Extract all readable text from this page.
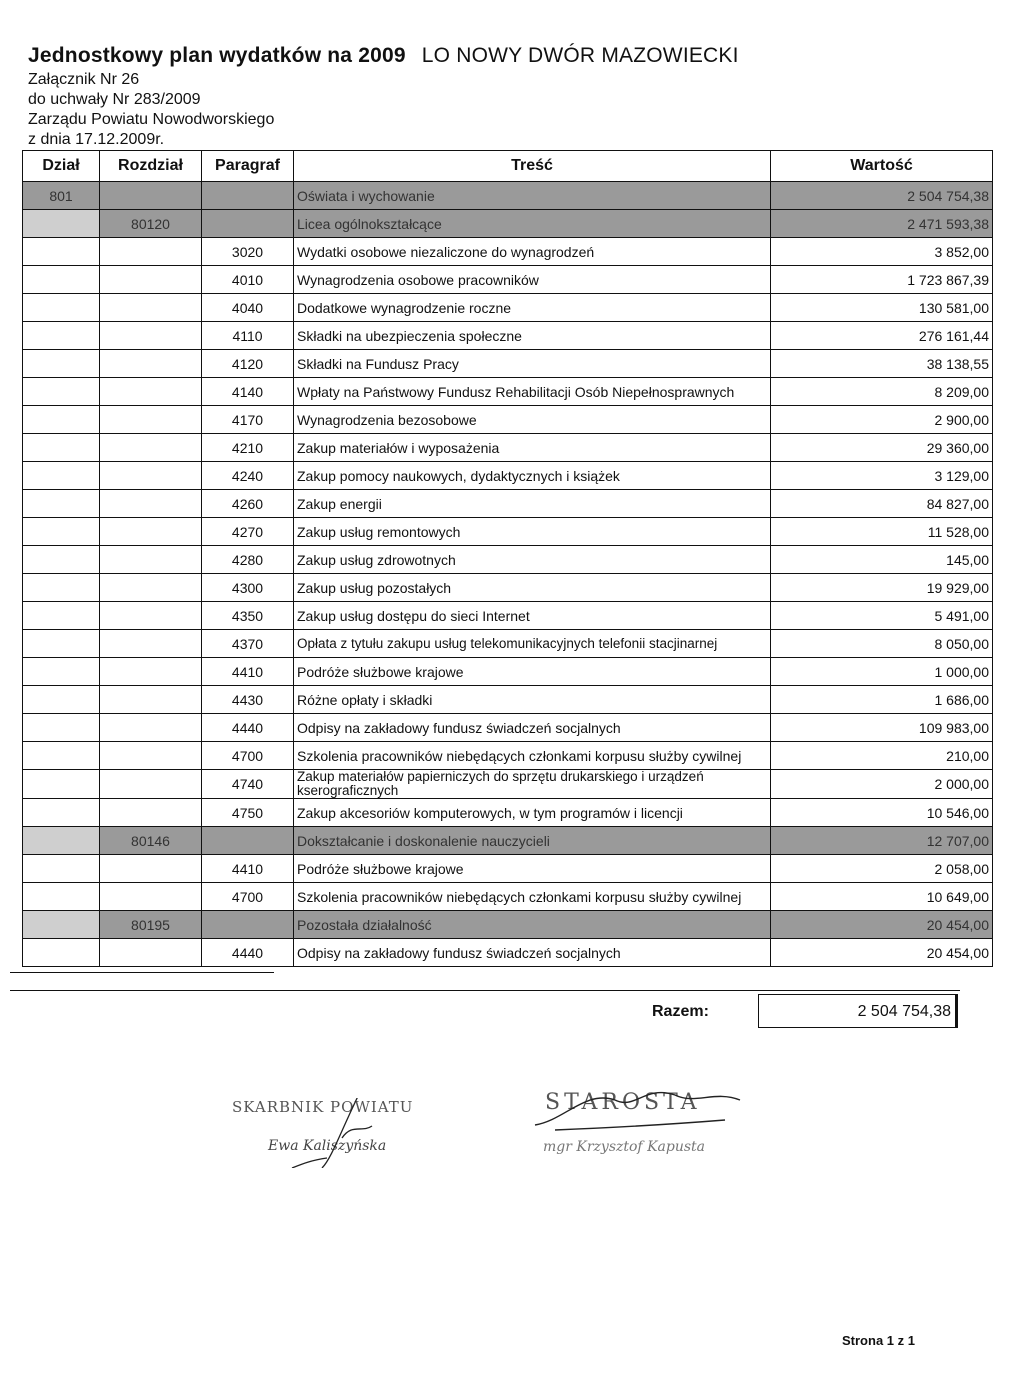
Jednostkowy plan wydatków na 2009 LO NOWY DWÓR MAZOWIECKI
Załącznik Nr 26
do uchwały Nr 283/2009
Zarządu Powiatu Nowodworskiego
z dnia 17.12.2009r.
Dział	Rozdział	Paragraf	Treść	Wartość
801			Oświata i wychowanie	2 504 754,38
	80120		Licea ogólnokształcące	2 471 593,38
		3020	Wydatki osobowe niezaliczone do wynagrodzeń	3 852,00
		4010	Wynagrodzenia osobowe pracowników	1 723 867,39
		4040	Dodatkowe wynagrodzenie roczne	130 581,00
		4110	Składki na ubezpieczenia społeczne	276 161,44
		4120	Składki na Fundusz Pracy	38 138,55
		4140	Wpłaty na Państwowy Fundusz Rehabilitacji Osób Niepełnosprawnych	8 209,00
		4170	Wynagrodzenia bezosobowe	2 900,00
		4210	Zakup materiałów i wyposażenia	29 360,00
		4240	Zakup pomocy naukowych, dydaktycznych i książek	3 129,00
		4260	Zakup energii	84 827,00
		4270	Zakup usług remontowych	11 528,00
		4280	Zakup usług zdrowotnych	145,00
		4300	Zakup usług pozostałych	19 929,00
		4350	Zakup usług dostępu do sieci Internet	5 491,00
		4370	Opłata z tytułu zakupu usług telekomunikacyjnych telefonii stacjinarnej	8 050,00
		4410	Podróże służbowe krajowe	1 000,00
		4430	Różne opłaty i składki	1 686,00
		4440	Odpisy na zakładowy fundusz świadczeń socjalnych	109 983,00
		4700	Szkolenia pracowników niebędących członkami korpusu służby cywilnej	210,00
		4740	Zakup materiałów papierniczych do sprzętu drukarskiego i urządzeń kserograficznych	2 000,00
		4750	Zakup akcesoriów komputerowych, w tym programów i licencji	10 546,00
	80146		Dokształcanie i doskonalenie nauczycieli	12 707,00
		4410	Podróże służbowe krajowe	2 058,00
		4700	Szkolenia pracowników niebędących członkami korpusu służby cywilnej	10 649,00
	80195		Pozostała działalność	20 454,00
		4440	Odpisy na zakładowy fundusz świadczeń socjalnych	20 454,00
Razem:	2 504 754,38
SKARBNIK POWIATU
Ewa Kaliszyńska
STAROSTA
mgr Krzysztof Kapusta
Strona 1 z 1
